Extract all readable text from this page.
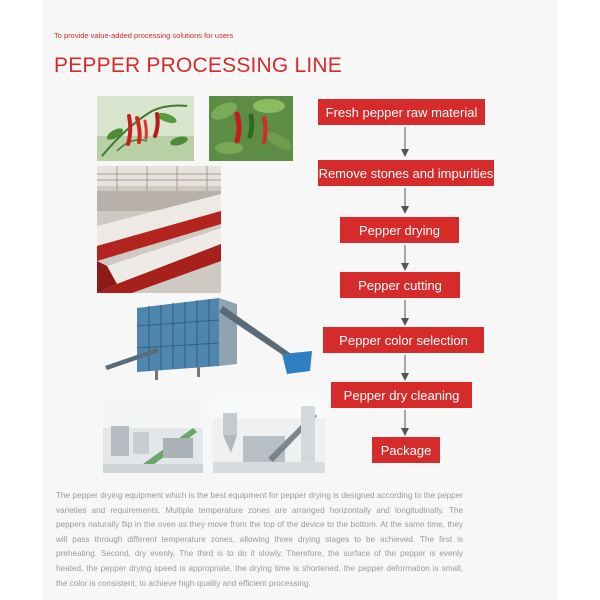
To provide value-added processing solutions for users
PEPPER PROCESSING LINE
Fresh pepper raw material
Remove stones and impurities
Pepper drying
Pepper cutting
Pepper color selection
Pepper dry cleaning
Package

The pepper drying equipment which is the best equipment for pepper drying is designed according to the pepper varieties and requirements. Multiple temperature zones are arranged horizontally and longitudinally. The peppers naturally flip in the oven as they move from the top of the device to the bottom. At the same time, they will pass through different temperature zones, allowing three drying stages to be achieved. The first is preheating. Second, dry evenly. The third is to do it slowly. Therefore, the surface of the pepper is evenly heated, the pepper drying speed is appropriate, the drying time is shortened, the pepper deformation is small, the color is consistent, to achieve high quality and efficient processing.
